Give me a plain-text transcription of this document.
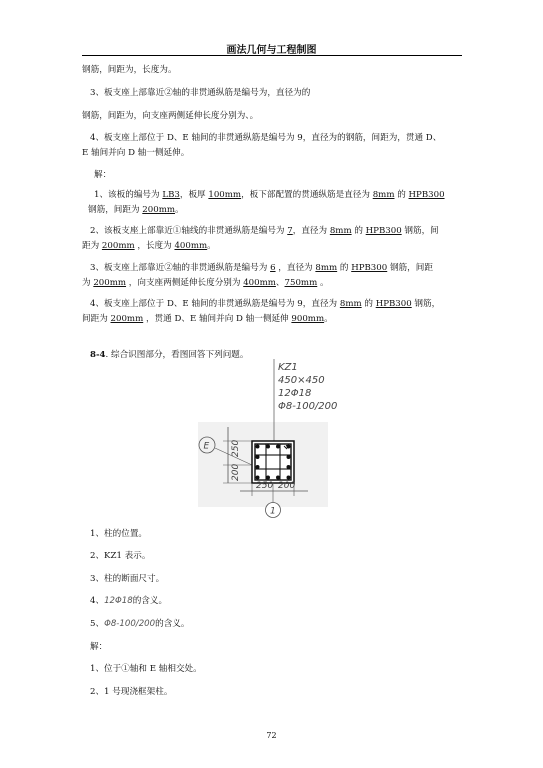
画法几何与工程制图
钢筋，间距为，长度为。
3、板支座上部靠近②轴的非贯通纵筋是编号为，直径为的
钢筋，间距为，向支座两侧延伸长度分别为、。
4、板支座上部位于 D、E 轴间的非贯通纵筋是编号为 9，直径为的钢筋，间距为，贯通 D、
E 轴间并向 D 轴一侧延伸。
解：
1、该板的编号为 LB3，板厚 100mm，板下部配置的贯通纵筋是直径为 8mm 的 HPB300
钢筋，间距为 200mm。
2、该板支座上部靠近①轴线的非贯通纵筋是编号为 7，直径为 8mm 的 HPB300 钢筋，间
距为 200mm ，长度为 400mm。
3、板支座上部靠近②轴的非贯通纵筋是编号为 6 ，直径为 8mm 的 HPB300 钢筋，间距
为 200mm ，向支座两侧延伸长度分别为 400mm、750mm 。
4、板支座上部位于 D、E 轴间的非贯通纵筋是编号为 9，直径为 8mm 的 HPB300 钢筋，
间距为 200mm ，贯通 D、E 轴间并向 D 轴一侧延伸 900mm。
8-4. 综合识图部分，看图回答下列问题。
KZ1
450×450
12Φ18
Φ8-100/200
250
200
E
250 200
1
1、柱的位置。
2、KZ1 表示。
3、柱的断面尺寸。
4、12Φ18的含义。
5、Φ8-100/200的含义。
解：
1、位于①轴和 E 轴相交处。
2、1 号现浇框架柱。
72
